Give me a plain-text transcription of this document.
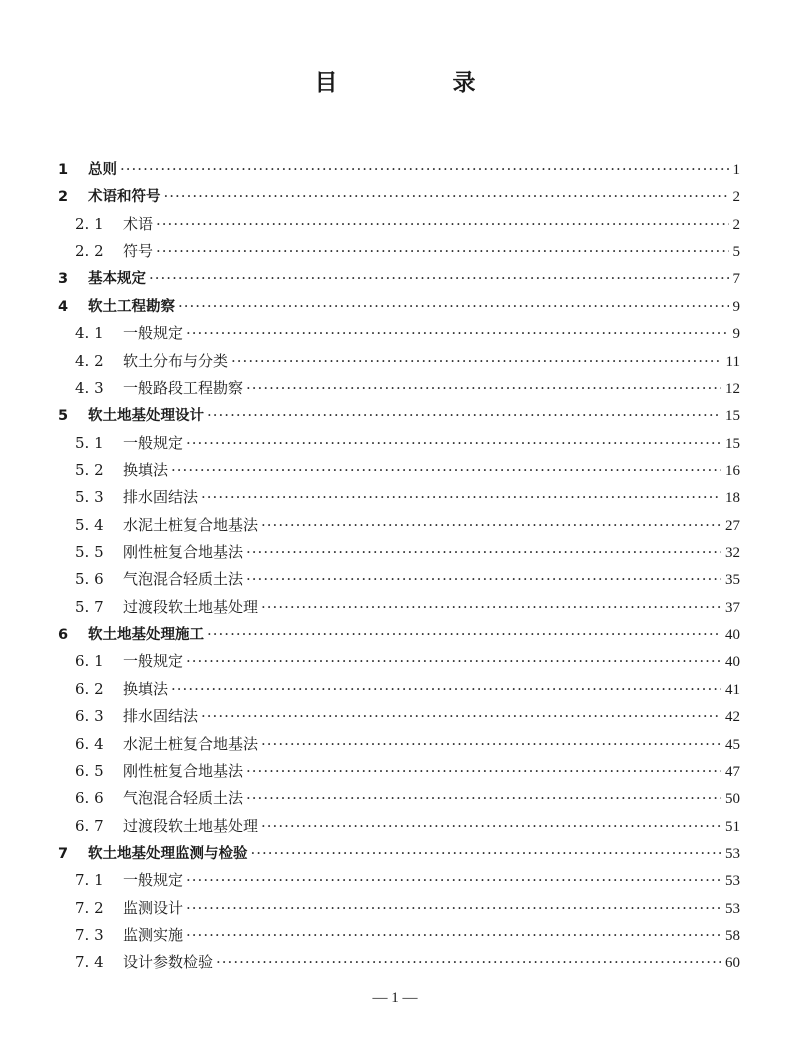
目　录
1	总则 ·····	1
2	术语和符号 ·····	2
2. 1	术语 ·····	2
2. 2	符号 ·····	5
3	基本规定 ·····	7
4	软土工程勘察 ·····	9
4. 1	一般规定 ·····	9
4. 2	软土分布与分类 ·····	11
4. 3	一般路段工程勘察 ·····	12
5	软土地基处理设计 ·····	15
5. 1	一般规定 ·····	15
5. 2	换填法 ·····	16
5. 3	排水固结法 ·····	18
5. 4	水泥土桩复合地基法 ·····	27
5. 5	刚性桩复合地基法 ·····	32
5. 6	气泡混合轻质土法 ·····	35
5. 7	过渡段软土地基处理 ·····	37
6	软土地基处理施工 ·····	40
6. 1	一般规定 ·····	40
6. 2	换填法 ·····	41
6. 3	排水固结法 ·····	42
6. 4	水泥土桩复合地基法 ·····	45
6. 5	刚性桩复合地基法 ·····	47
6. 6	气泡混合轻质土法 ·····	50
6. 7	过渡段软土地基处理 ·····	51
7	软土地基处理监测与检验 ·····	53
7. 1	一般规定 ·····	53
7. 2	监测设计 ·····	53
7. 3	监测实施 ·····	58
7. 4	设计参数检验 ·····	60
— 1 —
